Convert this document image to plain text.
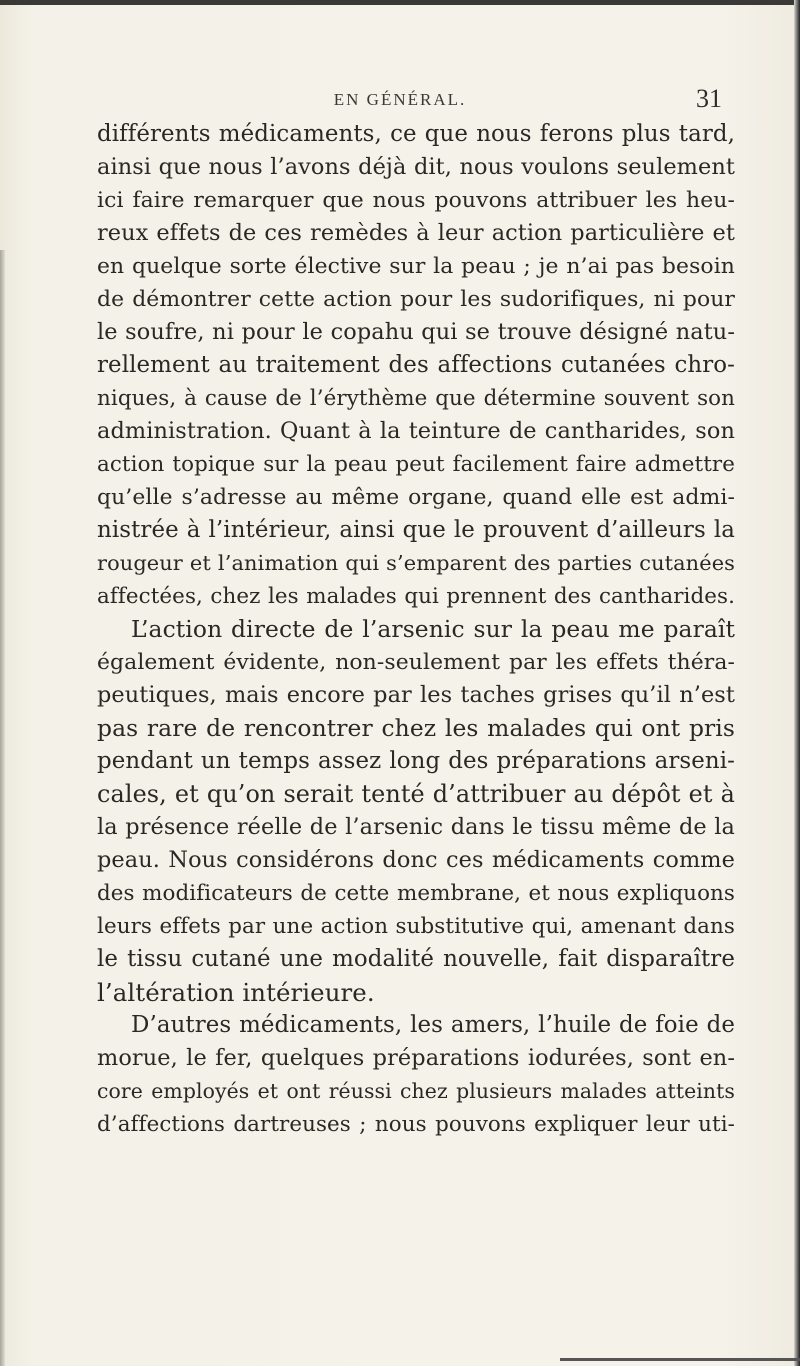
EN GÉNÉRAL.	31
différents médicaments, ce que nous ferons plus tard,
ainsi que nous l’avons déjà dit, nous voulons seulement
ici faire remarquer que nous pouvons attribuer les heu-
reux effets de ces remèdes à leur action particulière et
en quelque sorte élective sur la peau ; je n’ai pas besoin
de démontrer cette action pour les sudorifiques, ni pour
le soufre, ni pour le copahu qui se trouve désigné natu-
rellement au traitement des affections cutanées chro-
niques, à cause de l’érythème que détermine souvent son
administration. Quant à la teinture de cantharides, son
action topique sur la peau peut facilement faire admettre
qu’elle s’adresse au même organe, quand elle est admi-
nistrée à l’intérieur, ainsi que le prouvent d’ailleurs la
rougeur et l’animation qui s’emparent des parties cutanées
affectées, chez les malades qui prennent des cantharides.
L’action directe de l’arsenic sur la peau me paraît
également évidente, non-seulement par les effets théra-
peutiques, mais encore par les taches grises qu’il n’est
pas rare de rencontrer chez les malades qui ont pris
pendant un temps assez long des préparations arseni-
cales, et qu’on serait tenté d’attribuer au dépôt et à
la présence réelle de l’arsenic dans le tissu même de la
peau. Nous considérons donc ces médicaments comme
des modificateurs de cette membrane, et nous expliquons
leurs effets par une action substitutive qui, amenant dans
le tissu cutané une modalité nouvelle, fait disparaître
l’altération intérieure.
D’autres médicaments, les amers, l’huile de foie de
morue, le fer, quelques préparations iodurées, sont en-
core employés et ont réussi chez plusieurs malades atteints
d’affections dartreuses ; nous pouvons expliquer leur uti-
